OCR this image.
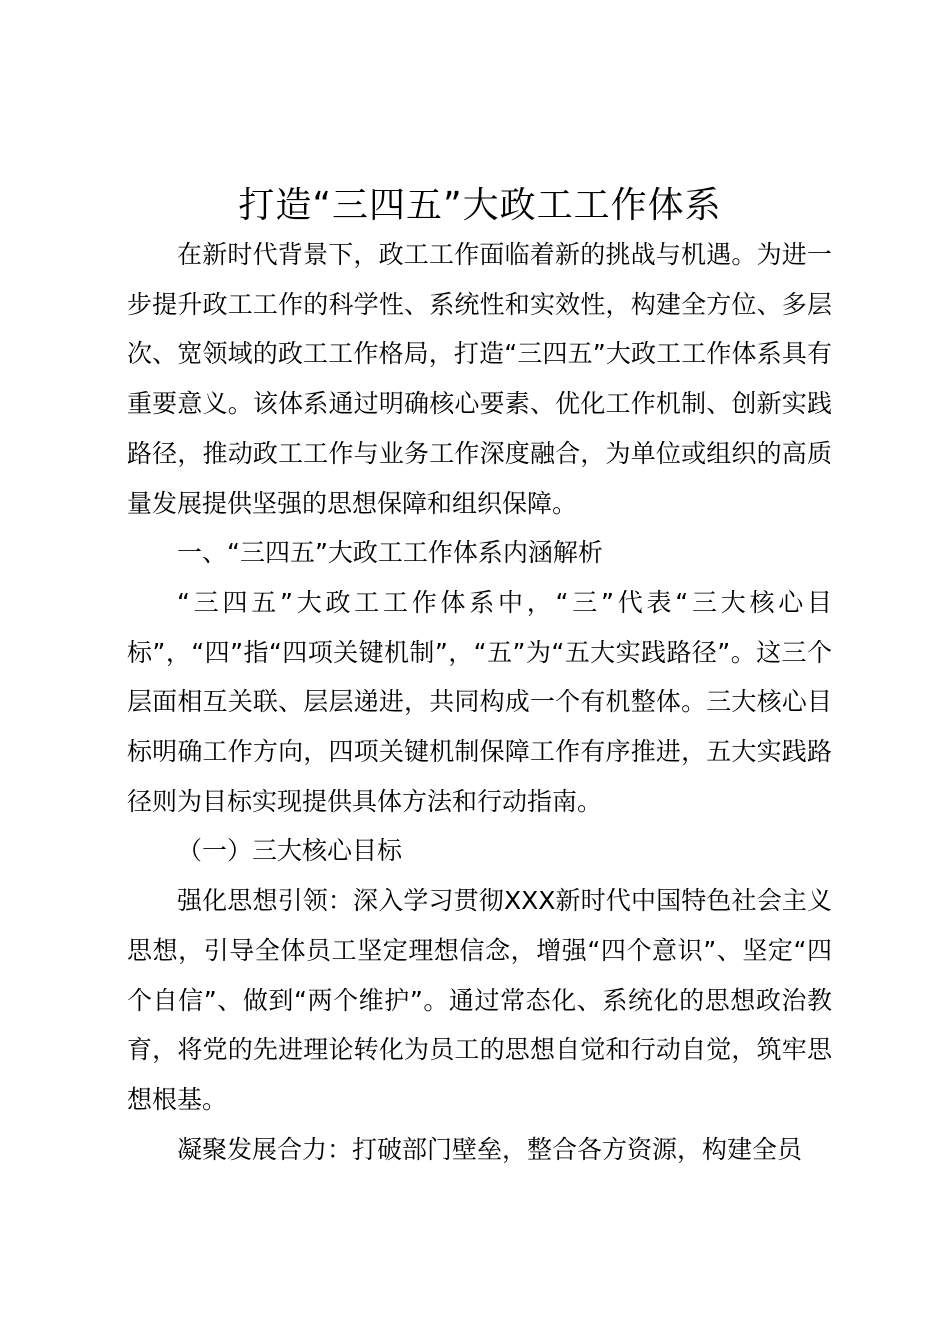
打造“三四五”大政工工作体系

在新时代背景下，政工工作面临着新的挑战与机遇。为进一步提升政工工作的科学性、系统性和实效性，构建全方位、多层次、宽领域的政工工作格局，打造“三四五”大政工工作体系具有重要意义。该体系通过明确核心要素、优化工作机制、创新实践路径，推动政工工作与业务工作深度融合，为单位或组织的高质量发展提供坚强的思想保障和组织保障。

一、“三四五”大政工工作体系内涵解析

“三四五”大政工工作体系中，“三”代表“三大核心目标”，“四”指“四项关键机制”，“五”为“五大实践路径”。这三个层面相互关联、层层递进，共同构成一个有机整体。三大核心目标明确工作方向，四项关键机制保障工作有序推进，五大实践路径则为目标实现提供具体方法和行动指南。

（一）三大核心目标

强化思想引领：深入学习贯彻XXX新时代中国特色社会主义思想，引导全体员工坚定理想信念，增强“四个意识”、坚定“四个自信”、做到“两个维护”。通过常态化、系统化的思想政治教育，将党的先进理论转化为员工的思想自觉和行动自觉，筑牢思想根基。

凝聚发展合力：打破部门壁垒，整合各方资源，构建全员
